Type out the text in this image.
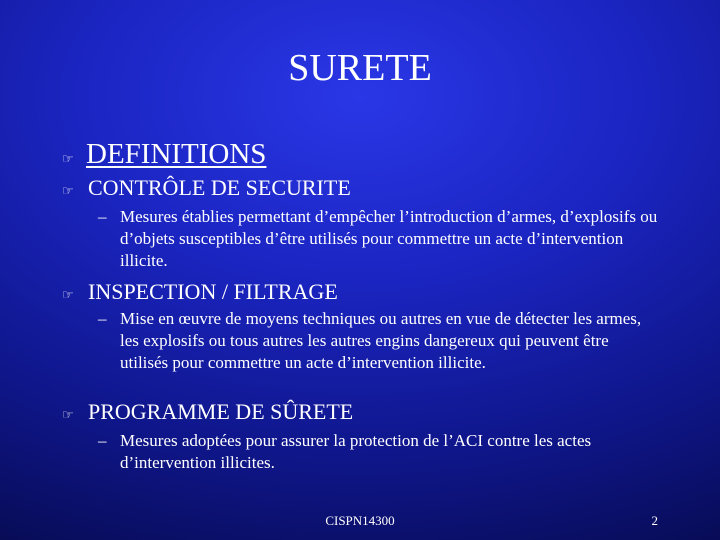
SURETE
☞ DEFINITIONS
☞ CONTRÔLE DE SECURITE
– Mesures établies permettant d’empêcher l’introduction d’armes, d’explosifs ou d’objets susceptibles d’être utilisés pour commettre un acte d’intervention illicite.
☞ INSPECTION / FILTRAGE
– Mise en œuvre de moyens techniques ou autres en vue de détecter les armes, les explosifs ou tous autres les autres engins dangereux qui peuvent être utilisés pour commettre un acte d’intervention illicite.
☞ PROGRAMME DE SÛRETE
– Mesures adoptées pour assurer la protection de l’ACI contre les actes d’intervention illicites.
CISPN14300	2
